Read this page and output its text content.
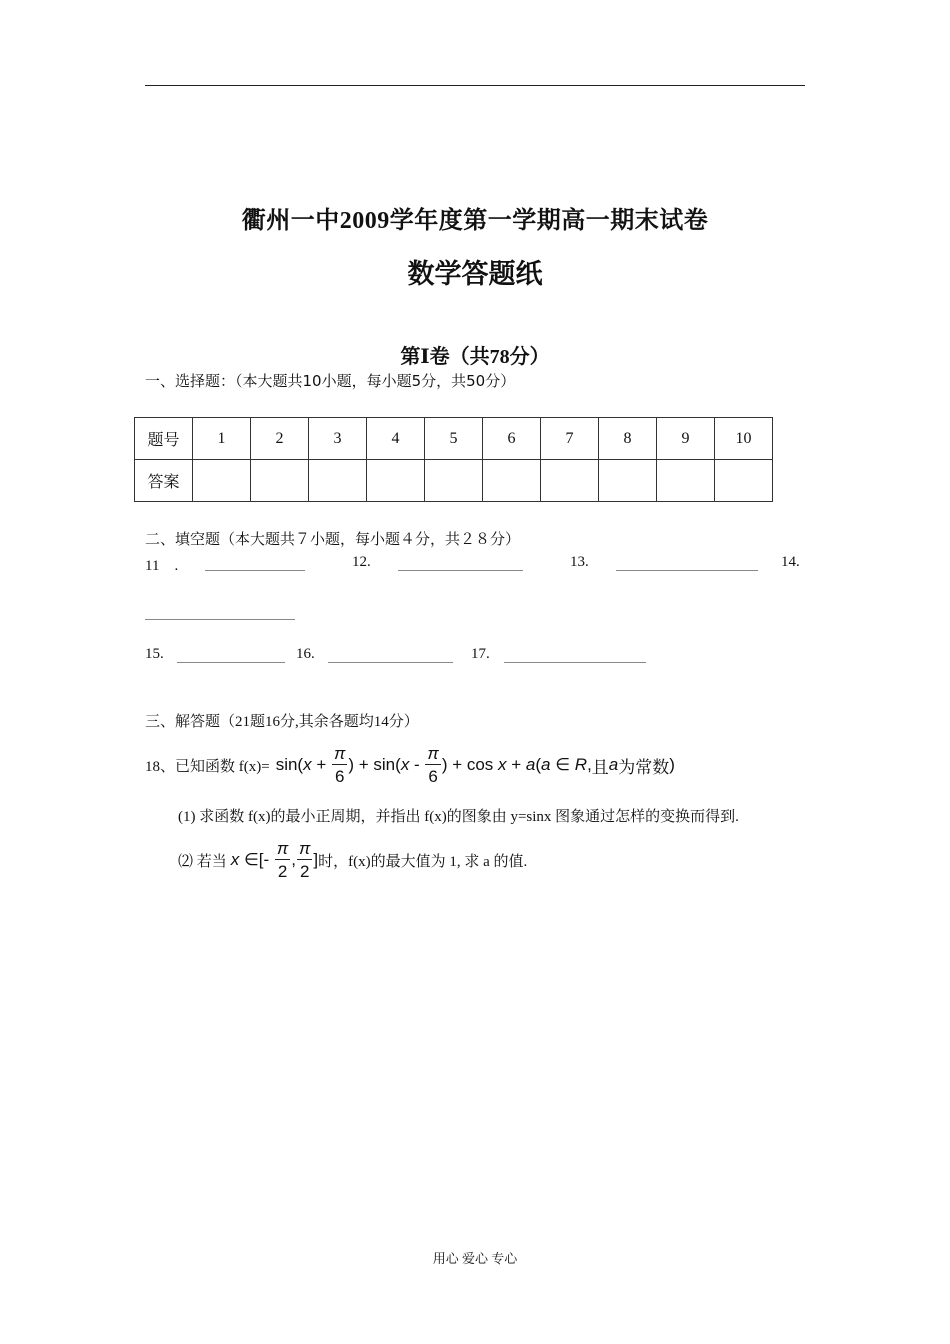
衢州一中2009学年度第一学期高一期末试卷
数学答题纸
第Ⅰ卷（共78分）
一、选择题：（本大题共10小题，每小题5分，共50分）
题号	1	2	3	4	5	6	7	8	9	10
答案										
二、填空题（本大题共７小题，每小题４分，共２８分）
11　.	12.	13.	14.
15.	16.	17.
三、解答题（21题16分,其余各题均14分）
18、已知函数 f(x)= sin( $x + \frac{\pi}{6}$ ) + sin( x - $\frac{\pi}{6}$ ) + cos x + a ( a ∈ R , 且 a 为常数 )
(1) 求函数 f(x)的最小正周期，并指出 f(x)的图象由 y=sinx 图象通过怎样的变换而得到.
⑵ 若当 x ∈[- $\frac{\pi}{2}$ , $\frac{\pi}{2}$ ] 时，f(x)的最大值为 1, 求 a 的值.
用心 爱心 专心
